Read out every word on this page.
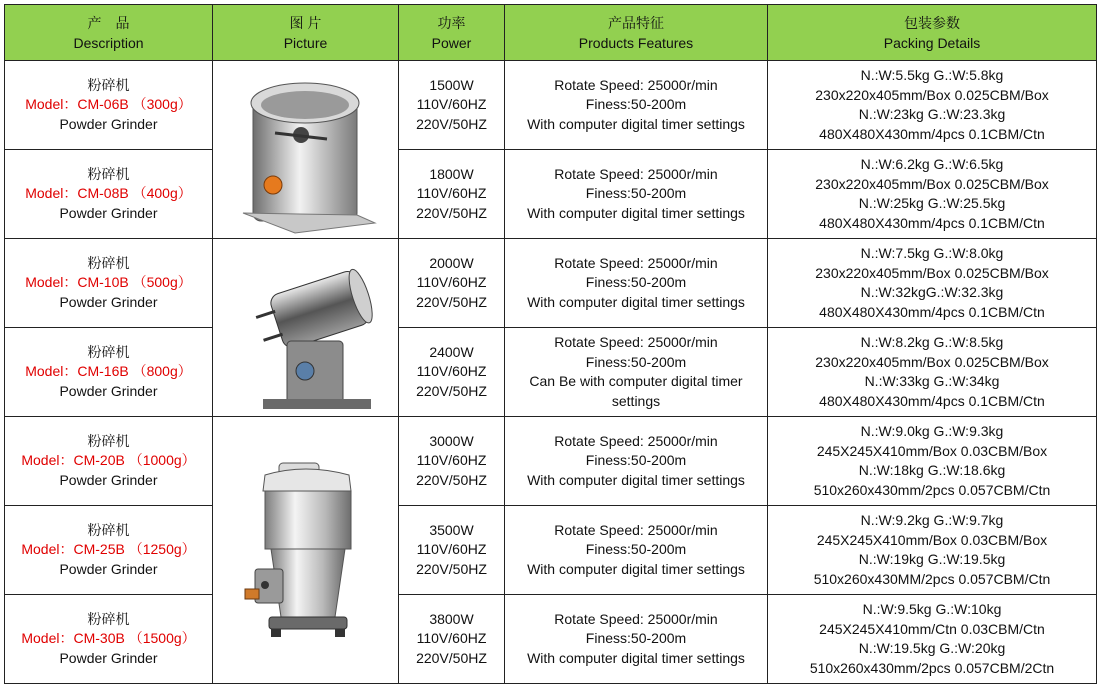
产　品
Description	图 片
Picture	功率
Power	产品特征
Products Features	包装参数
Packing Details

粉碎机
Model：CM-06B （300g）
Powder Grinder		1500W
110V/60HZ
220V/50HZ	Rotate Speed: 25000r/min
Finess:50-200m
With computer digital timer settings	N.:W:5.5kg G.:W:5.8kg
230x220x405mm/Box 0.025CBM/Box
N.:W:23kg G.:W:23.3kg
480X480X430mm/4pcs 0.1CBM/Ctn

粉碎机
Model：CM-08B （400g）
Powder Grinder		1800W
110V/60HZ
220V/50HZ	Rotate Speed: 25000r/min
Finess:50-200m
With computer digital timer settings	N.:W:6.2kg G.:W:6.5kg
230x220x405mm/Box 0.025CBM/Box
N.:W:25kg G.:W:25.5kg
480X480X430mm/4pcs 0.1CBM/Ctn

粉碎机
Model：CM-10B （500g）
Powder Grinder		2000W
110V/60HZ
220V/50HZ	Rotate Speed: 25000r/min
Finess:50-200m
With computer digital timer settings	N.:W:7.5kg G.:W:8.0kg
230x220x405mm/Box 0.025CBM/Box
N.:W:32kgG.:W:32.3kg
480X480X430mm/4pcs 0.1CBM/Ctn

粉碎机
Model：CM-16B （800g）
Powder Grinder		2400W
110V/60HZ
220V/50HZ	Rotate Speed: 25000r/min
Finess:50-200m
Can Be with computer digital timer settings	N.:W:8.2kg G.:W:8.5kg
230x220x405mm/Box 0.025CBM/Box
N.:W:33kg G.:W:34kg
480X480X430mm/4pcs 0.1CBM/Ctn

粉碎机
Model：CM-20B （1000g）
Powder Grinder		3000W
110V/60HZ
220V/50HZ	Rotate Speed: 25000r/min
Finess:50-200m
With computer digital timer settings	N.:W:9.0kg G.:W:9.3kg
245X245X410mm/Box 0.03CBM/Box
N.:W:18kg G.:W:18.6kg
510x260x430mm/2pcs 0.057CBM/Ctn

粉碎机
Model：CM-25B （1250g）
Powder Grinder		3500W
110V/60HZ
220V/50HZ	Rotate Speed: 25000r/min
Finess:50-200m
With computer digital timer settings	N.:W:9.2kg G.:W:9.7kg
245X245X410mm/Box 0.03CBM/Box
N.:W:19kg G.:W:19.5kg
510x260x430MM/2pcs 0.057CBM/Ctn

粉碎机
Model：CM-30B （1500g）
Powder Grinder		3800W
110V/60HZ
220V/50HZ	Rotate Speed: 25000r/min
Finess:50-200m
With computer digital timer settings	N.:W:9.5kg G.:W:10kg
245X245X410mm/Ctn 0.03CBM/Ctn
N.:W:19.5kg G.:W:20kg
510x260x430mm/2pcs 0.057CBM/2Ctn
